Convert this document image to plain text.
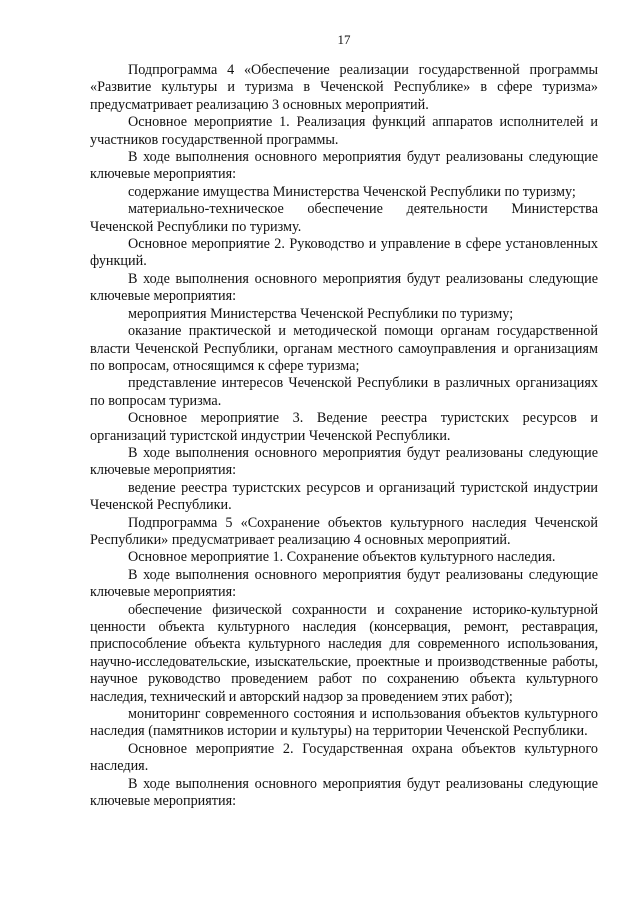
17

Подпрограмма 4 «Обеспечение реализации государственной программы «Развитие культуры и туризма в Чеченской Республике» в сфере туризма» предусматривает реализацию 3 основных мероприятий.

Основное мероприятие 1. Реализация функций аппаратов исполнителей и участников государственной программы.

В ходе выполнения основного мероприятия будут реализованы следующие ключевые мероприятия:

содержание имущества Министерства Чеченской Республики по туризму;

материально-техническое обеспечение деятельности Министерства Чеченской Республики по туризму.

Основное мероприятие 2. Руководство и управление в сфере установленных функций.

В ходе выполнения основного мероприятия будут реализованы следующие ключевые мероприятия:

мероприятия Министерства Чеченской Республики по туризму;

оказание практической и методической помощи органам государственной власти Чеченской Республики, органам местного самоуправления и организациям по вопросам, относящимся к сфере туризма;

представление интересов Чеченской Республики в различных организациях по вопросам туризма.

Основное мероприятие 3. Ведение реестра туристских ресурсов и организаций туристской индустрии Чеченской Республики.

В ходе выполнения основного мероприятия будут реализованы следующие ключевые мероприятия:

ведение реестра туристских ресурсов и организаций туристской индустрии Чеченской Республики.

Подпрограмма 5 «Сохранение объектов культурного наследия Чеченской Республики» предусматривает реализацию 4 основных мероприятий.

Основное мероприятие 1. Сохранение объектов культурного наследия.

В ходе выполнения основного мероприятия будут реализованы следующие ключевые мероприятия:

обеспечение физической сохранности и сохранение историко-культурной ценности объекта культурного наследия (консервация, ремонт, реставрация, приспособление объекта культурного наследия для современного использования, научно-исследовательские, изыскательские, проектные и производственные работы, научное руководство проведением работ по сохранению объекта культурного наследия, технический и авторский надзор за проведением этих работ);

мониторинг современного состояния и использования объектов культурного наследия (памятников истории и культуры) на территории Чеченской Республики.

Основное мероприятие 2. Государственная охрана объектов культурного наследия.

В ходе выполнения основного мероприятия будут реализованы следующие ключевые мероприятия:
